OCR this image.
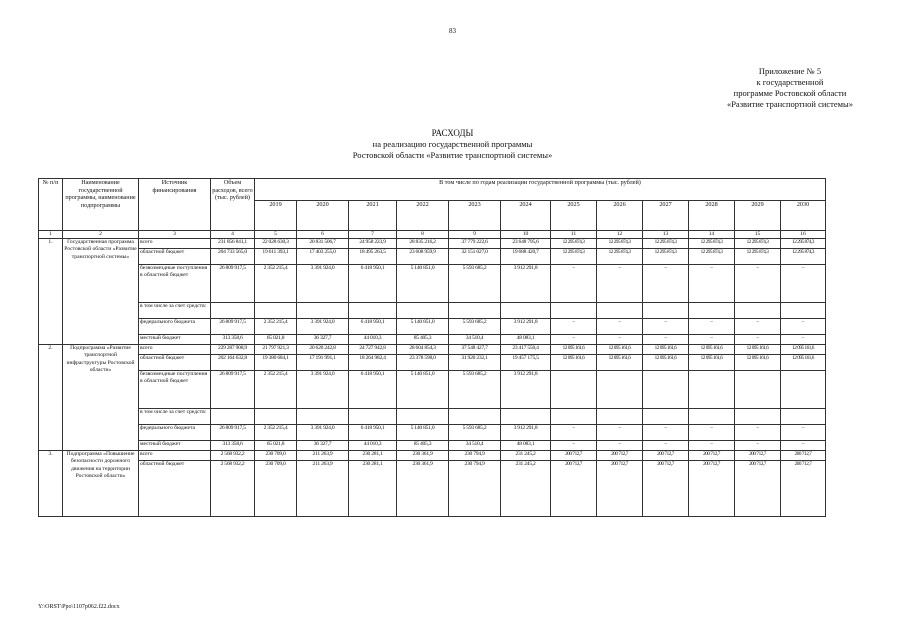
83
Приложение № 5
к государственной
программе Ростовской области
«Развитие транспортной системы»
РАСХОДЫ
на реализацию государственной программы
Ростовской области «Развитие транспортной системы»
№ п/п	Наименование государственной программы, наименование подпрограммы	Источник финансирования	Объем расходов, всего (тыс. рублей)	В том числе по годам реализации государственной программы (тыс. рублей)											
				2019	2020	2021	2022	2023	2024	2025	2026	2027	2028	2029	2030
1	2	3	4	5	6	7	8	9	10	11	12	13	14	15	16
1.	Государственная программа Ростовской области «Развитие транспортной системы»	всего	231 856 841,1	22 028 630,3	20 831 506,7	24 958 223,9	28 835 216,2	37 779 222,6	23 648 795,6	12 295 874,3	12 295 874,3	12 295 874,3	12 295 874,3	12 295 874,3	12 295 874,3
		областной бюджет	204 733 565,0	19 611 393,1	17 403 255,0	18 495 263,5	23 608 959,9	32 151 027,0	19 688 420,7	12 295 874,3	12 295 874,3	12 295 874,3	12 295 874,3	12 295 874,3	12 295 874,3
		безвозмездные поступления в областной бюджет	26 809 917,5	2 352 215,4	3 391 924,0	6 418 950,1	5 140 851,0	5 593 685,2	3 912 291,8	–	–	–	–	–	–
		в том числе за счет средств:													
		федерального бюджета	26 809 917,5	2 352 215,4	3 391 924,0	6 418 950,1	5 140 851,0	5 593 685,2	3 912 291,8	–	–	–	–	–	–
		местный бюджет	313 358,6	65 021,8	36 327,7	44 010,3	85 405,3	34 510,4	48 083,1	–	–	–	–	–	–
2.	Подпрограмма «Развитие транспортной инфраструктуры Ростовской области»	всего	229 287 908,9	21 797 921,3	20 620 242,8	24 727 942,8	28 604 854,3	37 548 427,7	23 417 550,4	12 095 161,6	12 095 161,6	12 095 161,6	12 095 161,6	12 095 161,6	12 095 161,6
		областной бюджет	202 164 632,8	19 380 684,1	17 191 991,1	18 264 982,4	23 378 598,0	31 920 232,1	19 457 175,5	12 095 161,6	12 095 161,6	12 095 161,6	12 095 161,6	12 095 161,6	12 095 161,6
		безвозмездные поступления в областной бюджет	26 809 917,5	2 352 215,4	3 391 924,0	6 418 950,1	5 140 851,0	5 593 685,2	3 912 291,8						
		в том числе за счет средств:													
		федерального бюджета	26 809 917,5	2 352 215,4	3 391 924,0	6 418 950,1	5 140 851,0	5 593 685,2	3 912 291,8	–	–	–	–	–	–
		местный бюджет	313 358,6	65 021,8	36 327,7	44 010,3	85 405,3	34 510,4	48 083,1	–	–	–	–	–	–
3.	Подпрограмма «Повышение безопасности дорожного движения на территории Ростовской области»	всего	2 568 932,2	230 709,0	211 263,9	230 281,1	230 361,9	230 794,9	231 245,2	200 712,7	200 712,7	200 712,7	200 712,7	200 712,7	200 712,7
		областной бюджет	2 568 932,2	230 709,0	211 263,9	230 281,1	230 361,9	230 794,9	231 245,2	200 712,7	200 712,7	200 712,7	200 712,7	200 712,7	200 712,7
Y:\ORST\Ppo\1107p062.f22.docx
